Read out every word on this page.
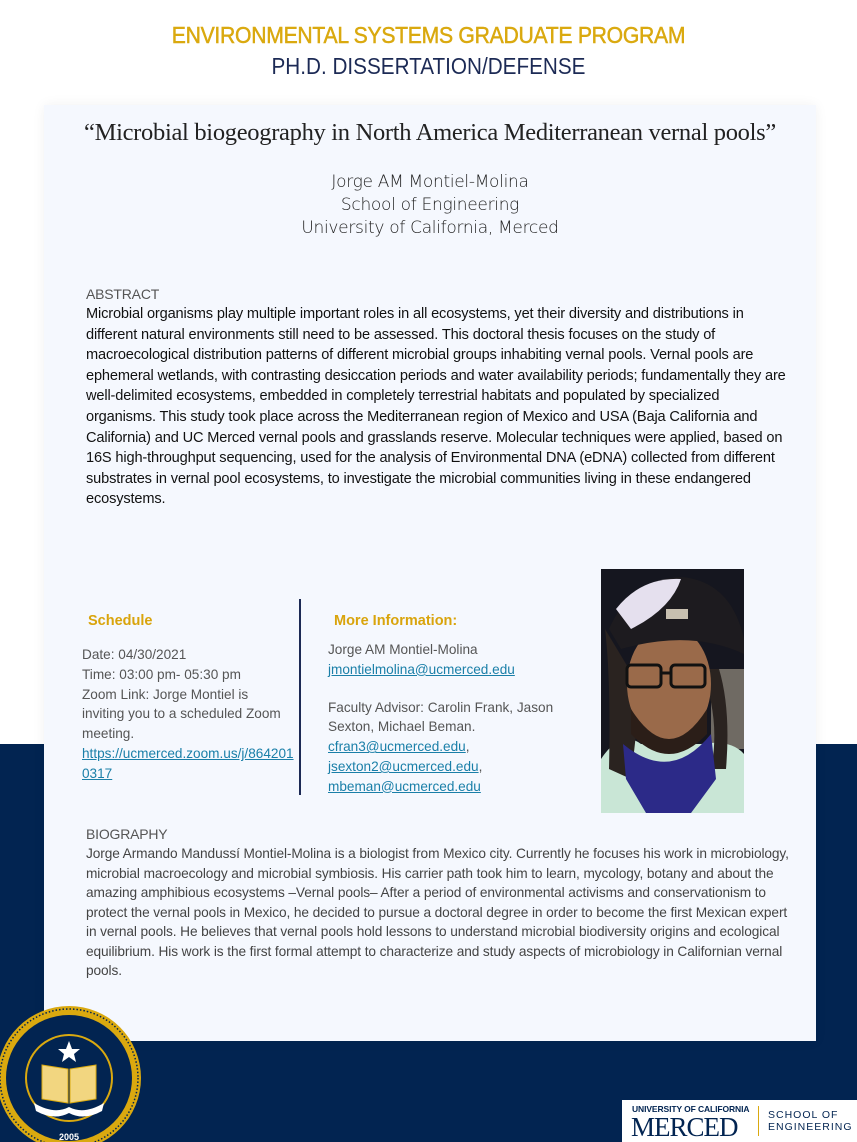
ENVIRONMENTAL SYSTEMS GRADUATE PROGRAM
PH.D. DISSERTATION/DEFENSE
“Microbial biogeography in North America Mediterranean vernal pools”
Jorge AM Montiel-Molina
School of Engineering
University of California, Merced
ABSTRACT
Microbial organisms play multiple important roles in all ecosystems, yet their diversity and distributions in different natural environments still need to be assessed. This doctoral thesis focuses on the study of macroecological distribution patterns of different microbial groups inhabiting vernal pools. Vernal pools are ephemeral wetlands, with contrasting desiccation periods and water availability periods; fundamentally they are well-delimited ecosystems, embedded in completely terrestrial habitats and populated by specialized organisms. This study took place across the Mediterranean region of Mexico and USA (Baja California and California) and UC Merced vernal pools and grasslands reserve. Molecular techniques were applied, based on 16S high-throughput sequencing, used for the analysis of Environmental DNA (eDNA) collected from different substrates in vernal pool ecosystems, to investigate the microbial communities living in these endangered ecosystems.
Schedule
Date: 04/30/2021
Time: 03:00 pm- 05:30 pm
Zoom Link: Jorge Montiel is inviting you to a scheduled Zoom meeting.
https://ucmerced.zoom.us/j/8642010317
More Information:
Jorge AM Montiel-Molina
jmontielmolina@ucmerced.edu
Faculty Advisor: Carolin Frank, Jason Sexton, Michael Beman.
cfran3@ucmerced.edu,
jsexton2@ucmerced.edu,
mbeman@ucmerced.edu
BIOGRAPHY
Jorge Armando Mandussí Montiel-Molina is a biologist from Mexico city. Currently he focuses his work in microbiology, microbial macroecology and microbial symbiosis. His carrier path took him to learn, mycology, botany and about the amazing amphibious ecosystems –Vernal pools– After a period of environmental activisms and conservationism to protect the vernal pools in Mexico, he decided to pursue a doctoral degree in order to become the first Mexican expert in vernal pools. He believes that vernal pools hold lessons to understand microbial biodiversity origins and ecological equilibrium. His work is the first formal attempt to characterize and study aspects of microbiology in Californian vernal pools.
2005
UNIVERSITY OF CALIFORNIA
MERCED	SCHOOL OF
ENGINEERING
